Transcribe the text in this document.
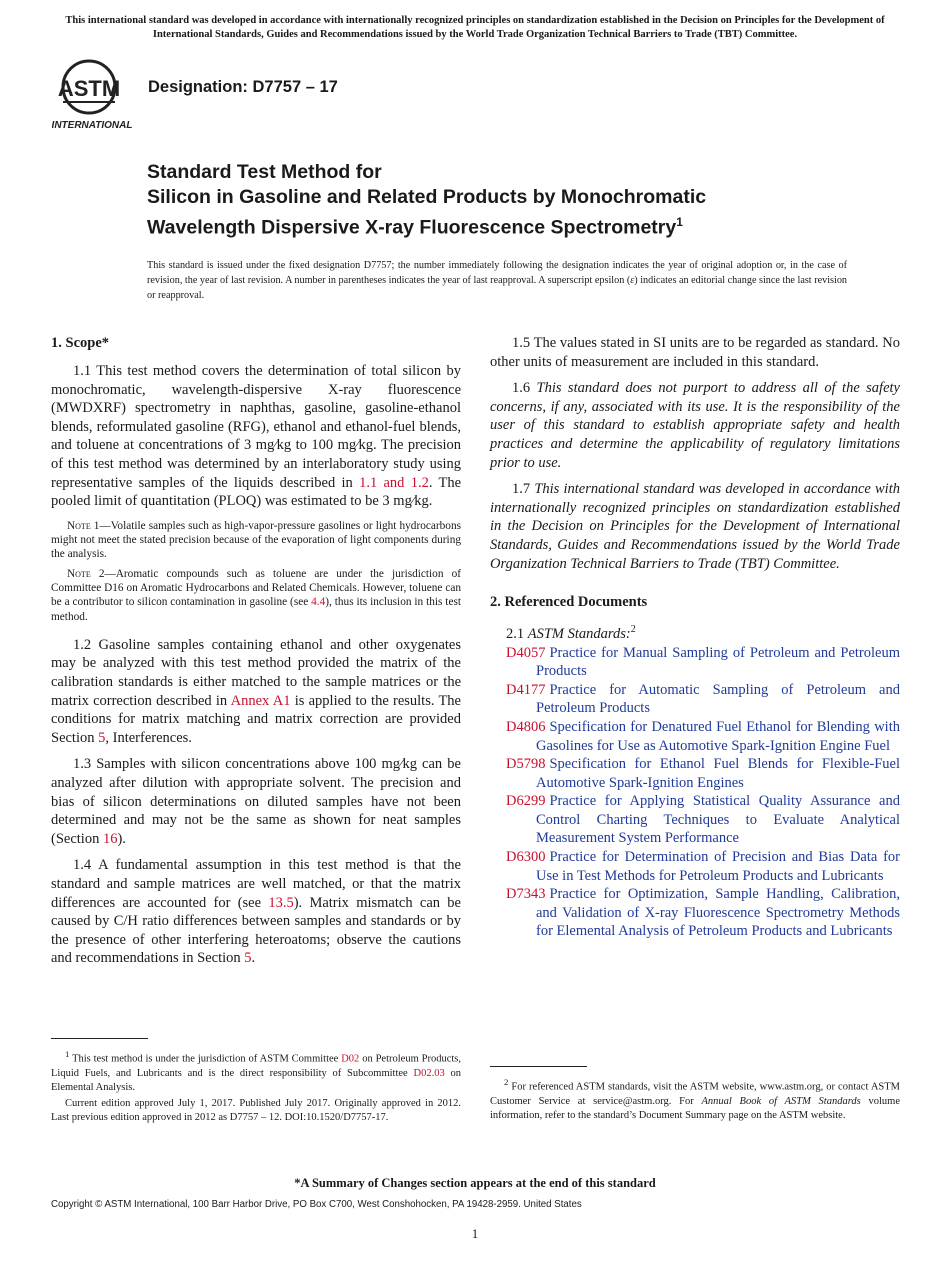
This international standard was developed in accordance with internationally recognized principles on standardization established in the Decision on Principles for the Development of International Standards, Guides and Recommendations issued by the World Trade Organization Technical Barriers to Trade (TBT) Committee.
ASTM
INTERNATIONAL
Designation: D7757 – 17
Standard Test Method for
Silicon in Gasoline and Related Products by Monochromatic
Wavelength Dispersive X-ray Fluorescence Spectrometry$^1$
This standard is issued under the fixed designation D7757; the number immediately following the designation indicates the year of original adoption or, in the case of revision, the year of last revision. A number in parentheses indicates the year of last reapproval. A superscript epsilon (ε) indicates an editorial change since the last revision or reapproval.
1. Scope*

1.1 This test method covers the determination of total silicon by monochromatic, wavelength-dispersive X-ray fluorescence (MWDXRF) spectrometry in naphthas, gasoline, gasoline-ethanol blends, reformulated gasoline (RFG), ethanol and ethanol-fuel blends, and toluene at concentrations of 3 mg⁄kg to 100 mg⁄kg. The precision of this test method was determined by an interlaboratory study using representative samples of the liquids described in 1.1 and 1.2. The pooled limit of quantitation (PLOQ) was estimated to be 3 mg⁄kg.

Note 1—Volatile samples such as high-vapor-pressure gasolines or light hydrocarbons might not meet the stated precision because of the evaporation of light components during the analysis.

Note 2—Aromatic compounds such as toluene are under the jurisdiction of Committee D16 on Aromatic Hydrocarbons and Related Chemicals. However, toluene can be a contributor to silicon contamination in gasoline (see 4.4), thus its inclusion in this test method.

1.2 Gasoline samples containing ethanol and other oxygenates may be analyzed with this test method provided the matrix of the calibration standards is either matched to the sample matrices or the matrix correction described in Annex A1 is applied to the results. The conditions for matrix matching and matrix correction are provided Section 5, Interferences.

1.3 Samples with silicon concentrations above 100 mg⁄kg can be analyzed after dilution with appropriate solvent. The precision and bias of silicon determinations on diluted samples have not been determined and may not be the same as shown for neat samples (Section 16).

1.4 A fundamental assumption in this test method is that the standard and sample matrices are well matched, or that the matrix differences are accounted for (see 13.5). Matrix mismatch can be caused by C/H ratio differences between samples and standards or by the presence of other interfering heteroatoms; observe the cautions and recommendations in Section 5.

1.5 The values stated in SI units are to be regarded as standard. No other units of measurement are included in this standard.

1.6 This standard does not purport to address all of the safety concerns, if any, associated with its use. It is the responsibility of the user of this standard to establish appropriate safety and health practices and determine the applicability of regulatory limitations prior to use.

1.7 This international standard was developed in accordance with internationally recognized principles on standardization established in the Decision on Principles for the Development of International Standards, Guides and Recommendations issued by the World Trade Organization Technical Barriers to Trade (TBT) Committee.

2. Referenced Documents
2.1 ASTM Standards:$^2$
D4057 Practice for Manual Sampling of Petroleum and Petroleum Products
D4177 Practice for Automatic Sampling of Petroleum and Petroleum Products
D4806 Specification for Denatured Fuel Ethanol for Blending with Gasolines for Use as Automotive Spark-Ignition Engine Fuel
D5798 Specification for Ethanol Fuel Blends for Flexible-Fuel Automotive Spark-Ignition Engines
D6299 Practice for Applying Statistical Quality Assurance and Control Charting Techniques to Evaluate Analytical Measurement System Performance
D6300 Practice for Determination of Precision and Bias Data for Use in Test Methods for Petroleum Products and Lubricants
D7343 Practice for Optimization, Sample Handling, Calibration, and Validation of X-ray Fluorescence Spectrometry Methods for Elemental Analysis of Petroleum Products and Lubricants

$^1$ This test method is under the jurisdiction of ASTM Committee D02 on Petroleum Products, Liquid Fuels, and Lubricants and is the direct responsibility of Subcommittee D02.03 on Elemental Analysis.

Current edition approved July 1, 2017. Published July 2017. Originally approved in 2012. Last previous edition approved in 2012 as D7757 – 12. DOI:10.1520/D7757-17.

$^2$ For referenced ASTM standards, visit the ASTM website, www.astm.org, or contact ASTM Customer Service at service@astm.org. For Annual Book of ASTM Standards volume information, refer to the standard’s Document Summary page on the ASTM website.

*A Summary of Changes section appears at the end of this standard
Copyright © ASTM International, 100 Barr Harbor Drive, PO Box C700, West Conshohocken, PA 19428-2959. United States
1
